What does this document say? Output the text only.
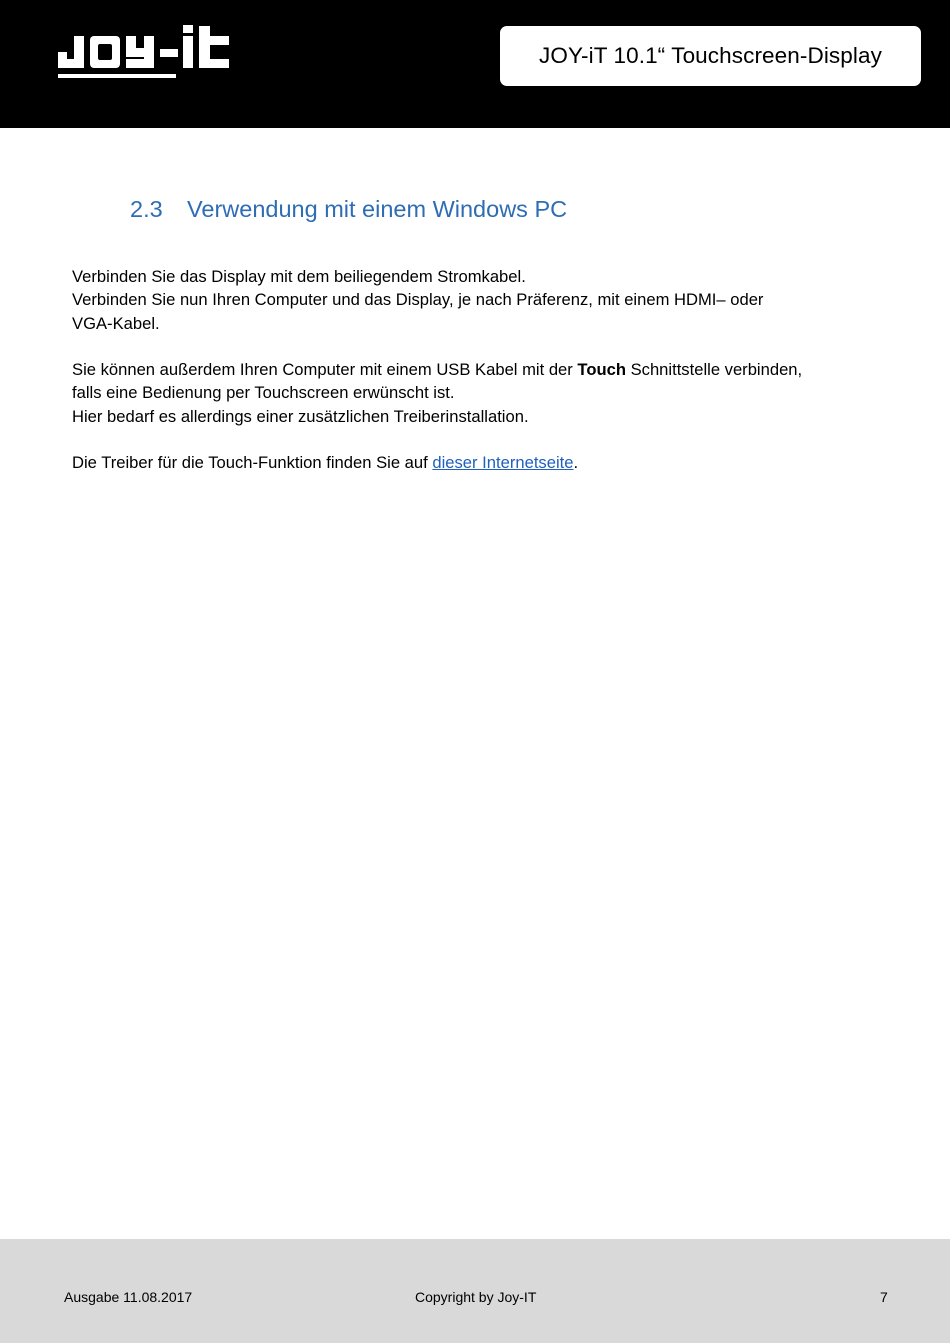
JOY-iT 10.1“ Touchscreen-Display
2.3	Verwendung mit einem Windows PC

Verbinden Sie das Display mit dem beiliegendem Stromkabel.
Verbinden Sie nun Ihren Computer und das Display, je nach Präferenz, mit einem HDMI– oder
VGA-Kabel.

Sie können außerdem Ihren Computer mit einem USB Kabel mit der Touch Schnittstelle verbinden,
falls eine Bedienung per Touchscreen erwünscht ist.
Hier bedarf es allerdings einer zusätzlichen Treiberinstallation.

Die Treiber für die Touch-Funktion finden Sie auf dieser Internetseite.

Ausgabe 11.08.2017	Copyright by Joy-IT	7
